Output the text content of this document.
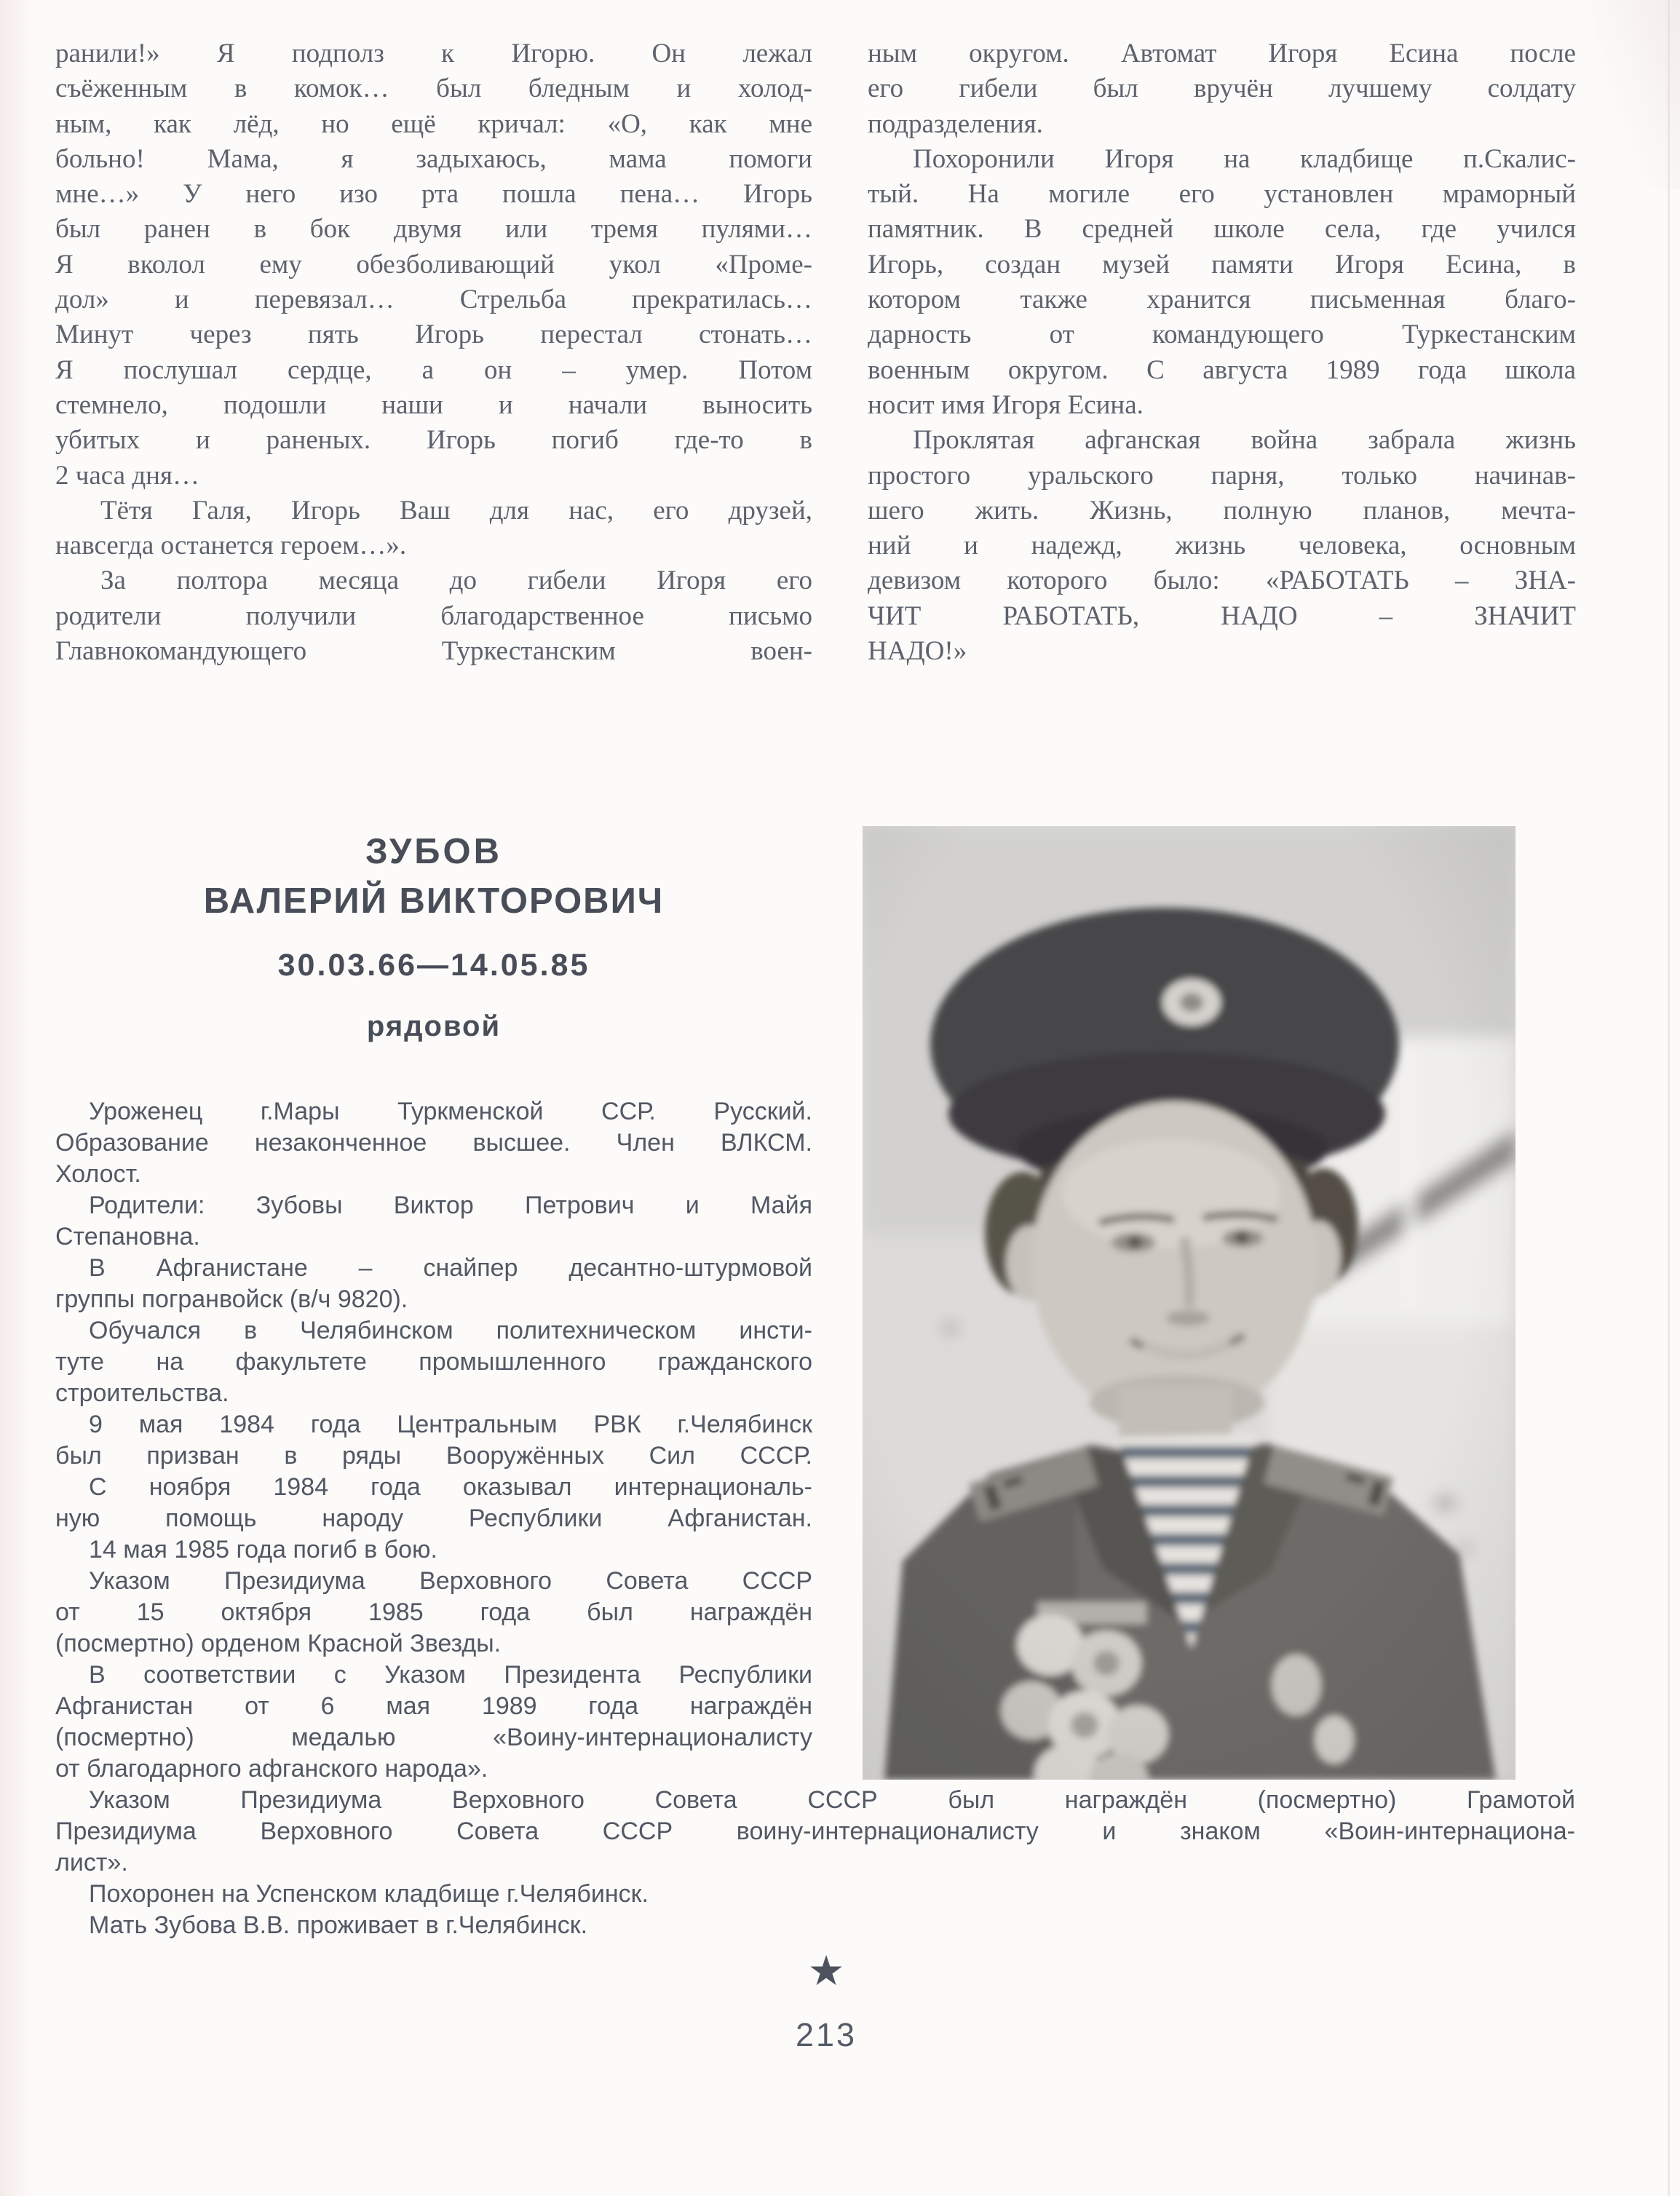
ранили!» Я подполз к Игорю. Он лежал
съёженным в комок… был бледным и холод-
ным, как лёд, но ещё кричал: «О, как мне
больно! Мама, я задыхаюсь, мама помоги
мне…» У него изо рта пошла пена… Игорь
был ранен в бок двумя или тремя пулями…
Я вколол ему обезболивающий укол «Проме-
дол» и перевязал… Стрельба прекратилась…
Минут через пять Игорь перестал стонать…
Я послушал сердце, а он – умер. Потом
стемнело, подошли наши и начали выносить
убитых и раненых. Игорь погиб где-то в
2 часа дня…
Тётя Галя, Игорь Ваш для нас, его друзей,
навсегда останется героем…».
За полтора месяца до гибели Игоря его
родители получили благодарственное письмо
Главнокомандующего Туркестанским воен-
ным округом. Автомат Игоря Есина после
его гибели был вручён лучшему солдату
подразделения.
Похоронили Игоря на кладбище п.Скалис-
тый. На могиле его установлен мраморный
памятник. В средней школе села, где учился
Игорь, создан музей памяти Игоря Есина, в
котором также хранится письменная благо-
дарность от командующего Туркестанским
военным округом. С августа 1989 года школа
носит имя Игоря Есина.
Проклятая афганская война забрала жизнь
простого уральского парня, только начинав-
шего жить. Жизнь, полную планов, мечта-
ний и надежд, жизнь человека, основным
девизом которого было: «РАБОТАТЬ – ЗНА-
ЧИТ РАБОТАТЬ, НАДО – ЗНАЧИТ
НАДО!»
ЗУБОВ
ВАЛЕРИЙ ВИКТОРОВИЧ
30.03.66—14.05.85
рядовой
Уроженец г.Мары Туркменской ССР. Русский.
Образование незаконченное высшее. Член ВЛКСМ.
Холост.
Родители: Зубовы Виктор Петрович и Майя
Степановна.
В Афганистане – снайпер десантно-штурмовой
группы погранвойск (в/ч 9820).
Обучался в Челябинском политехническом инсти-
туте на факультете промышленного гражданского
строительства.
9 мая 1984 года Центральным РВК г.Челябинск
был призван в ряды Вооружённых Сил СССР.
С ноября 1984 года оказывал интернациональ-
ную помощь народу Республики Афганистан.
14 мая 1985 года погиб в бою.
Указом Президиума Верховного Совета СССР
от 15 октября 1985 года был награждён
(посмертно) орденом Красной Звезды.
В соответствии с Указом Президента Республики
Афганистан от 6 мая 1989 года награждён
(посмертно) медалью «Воину-интернационалисту
от благодарного афганского народа».
Указом Президиума Верховного Совета СССР был награждён (посмертно) Грамотой
Президиума Верховного Совета СССР воину-интернационалисту и знаком «Воин-интернациона-
лист».
Похоронен на Успенском кладбище г.Челябинск.
Мать Зубова В.В. проживает в г.Челябинск.
★
213
